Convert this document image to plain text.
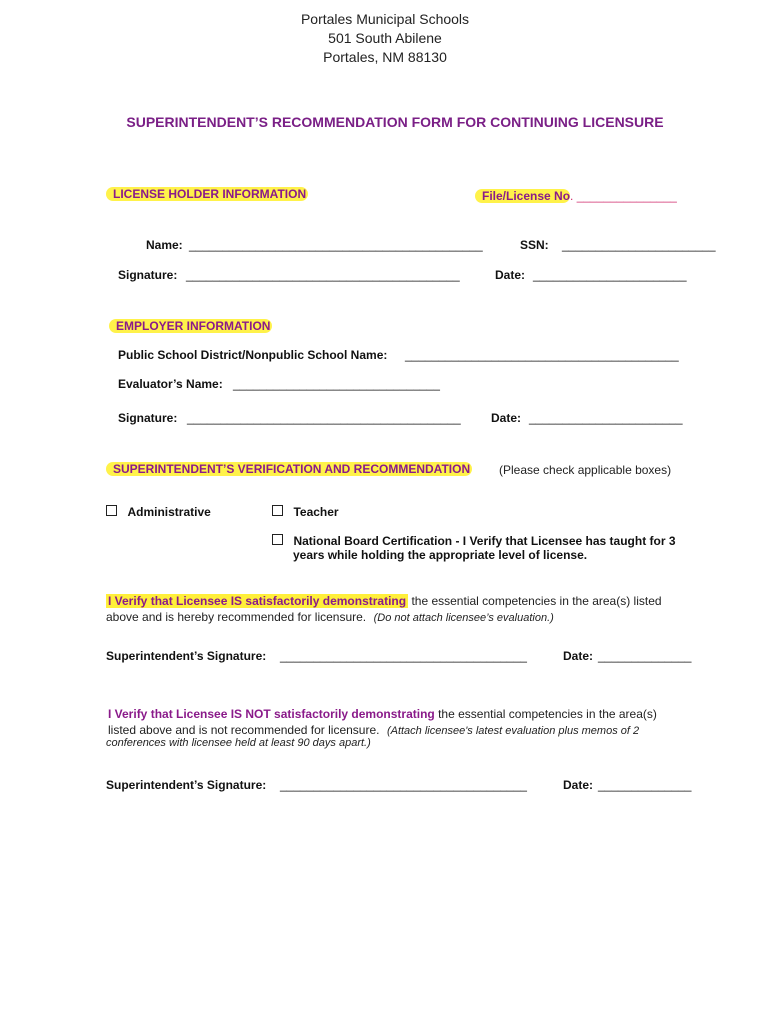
Portales Municipal Schools
501 South Abilene
Portales, NM 88130
SUPERINTENDENT’S RECOMMENDATION FORM FOR CONTINUING LICENSURE
LICENSE HOLDER INFORMATION	File/License No. _______________
Name: ____________________________________________	SSN: _______________________
Signature: _________________________________________	Date: _______________________
EMPLOYER INFORMATION
Public School District/Nonpublic School Name: _________________________________________
Evaluator’s Name: _______________________________
Signature: _________________________________________	Date: _______________________
SUPERINTENDENT’S VERIFICATION AND RECOMMENDATION (Please check applicable boxes)
Administrative	Teacher
National Board Certification - I Verify that Licensee has taught for 3
years while holding the appropriate level of license.
I Verify that Licensee IS satisfactorily demonstrating the essential competencies in the area(s) listed
above and is hereby recommended for licensure. (Do not attach licensee’s evaluation.)
Superintendent’s Signature: _____________________________________	Date: ______________
I Verify that Licensee IS NOT satisfactorily demonstrating the essential competencies in the area(s)
listed above and is not recommended for licensure. (Attach licensee's latest evaluation plus memos of 2
conferences with licensee held at least 90 days apart.)
Superintendent’s Signature: _____________________________________	Date: ______________
